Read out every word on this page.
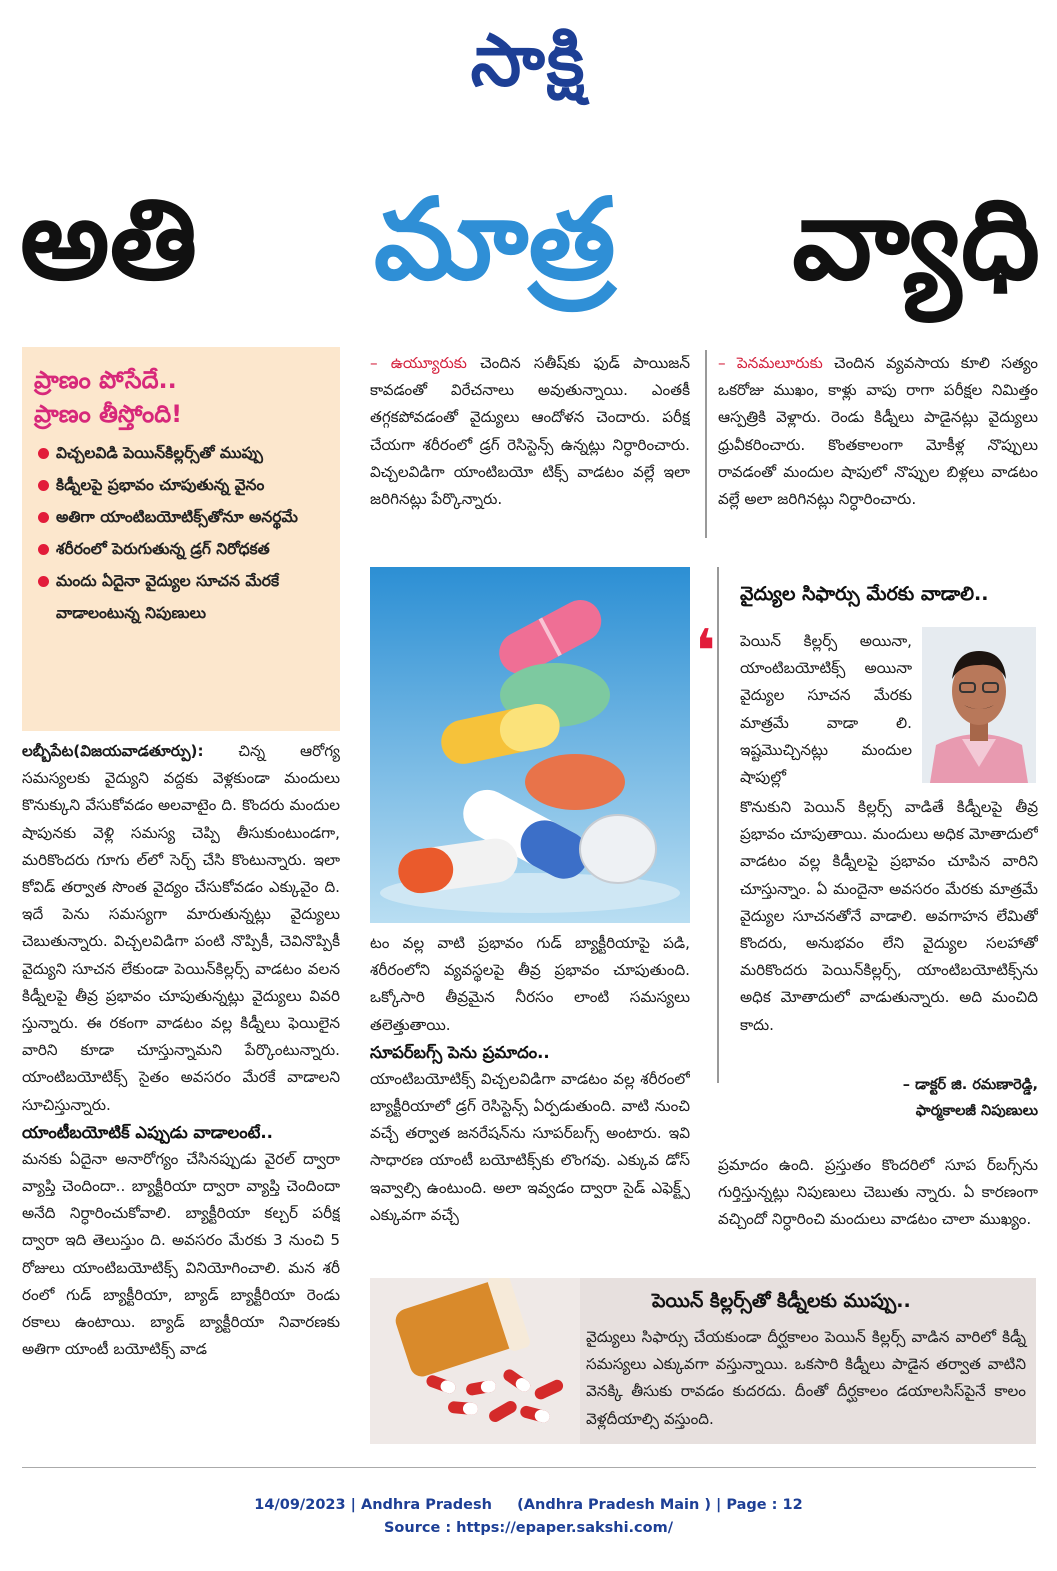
సాక్షి
అతి మాత్ర వ్యాధి
ప్రాణం పోసేదే..
ప్రాణం తీస్తోంది!
విచ్చలవిడి పెయిన్‌కిల్లర్స్‌తో ముప్పు
కిడ్నీలపై ప్రభావం చూపుతున్న వైనం
అతిగా యాంటిబయోటిక్స్‌తోనూ అనర్థమే
శరీరంలో పెరుగుతున్న డ్రగ్‌ నిరోధకత
మందు ఏదైనా వైద్యుల సూచన మేరకే వాడాలంటున్న నిపుణులు

లబ్బీపేట(విజయవాడతూర్పు): చిన్న ఆరోగ్య సమస్యలకు వైద్యుని వద్దకు వెళ్లకుండా మందులు కొనుక్కుని వేసుకోవడం అలవాటైం ది. కొందరు మందుల షాపునకు వెళ్లి సమస్య చెప్పి తీసుకుంటుండగా, మరికొందరు గూగు ల్‌లో సెర్చ్‌ చేసి కొంటున్నారు. ఇలా కోవిడ్‌ తర్వాత సొంత వైద్యం చేసుకోవడం ఎక్కువైం ది. ఇదే పెను సమస్యగా మారుతున్నట్లు వైద్యులు చెబుతున్నారు. విచ్చలవిడిగా పంటి నొప్పికీ, చెవినొప్పికీ వైద్యుని సూచన లేకుండా పెయిన్‌కిల్లర్స్‌ వాడటం వలన కిడ్నీలపై తీవ్ర ప్రభావం చూపుతున్నట్లు వైద్యులు వివరి స్తున్నారు. ఈ రకంగా వాడటం వల్ల కిడ్నీలు ఫెయిలైన వారిని కూడా చూస్తున్నామని పేర్కొంటున్నారు. యాంటిబయోటిక్స్‌ సైతం అవసరం మేరకే వాడాలని సూచిస్తున్నారు.

యాంటీబయోటిక్‌ ఎప్పుడు వాడాలంటే..

మనకు ఏదైనా అనారోగ్యం చేసినప్పుడు వైరల్‌ ద్వారా వ్యాప్తి చెందిందా.. బ్యాక్టీరియా ద్వారా వ్యాప్తి చెందిందా అనేది నిర్ధారించుకోవాలి. బ్యాక్టీరియా కల్చర్‌ పరీక్ష ద్వారా ఇది తెలుస్తుం ది. అవసరం మేరకు 3 నుంచి 5 రోజులు యాంటిబయోటిక్స్‌ వినియోగించాలి. మన శరీ రంలో గుడ్‌ బ్యాక్టీరియా, బ్యాడ్‌ బ్యాక్టీరియా రెండు రకాలు ఉంటాయి. బ్యాడ్‌ బ్యాక్టీరియా నివారణకు అతిగా యాంటీ బయోటిక్స్‌ వాడ

– ఉయ్యూరుకు చెందిన సతీష్‌కు ఫుడ్‌ పాయిజన్‌ కావడంతో విరేచనాలు అవుతున్నాయి. ఎంతకీ తగ్గకపోవడంతో వైద్యులు ఆందోళన చెందారు. పరీక్ష చేయగా శరీరంలో డ్రగ్‌ రెసిస్టెన్స్‌ ఉన్నట్లు నిర్ధారించారు. విచ్చలవిడిగా యాంటిబయో టిక్స్‌ వాడటం వల్లే ఇలా జరిగినట్లు పేర్కొన్నారు.

టం వల్ల వాటి ప్రభావం గుడ్‌ బ్యాక్టీరియాపై పడి, శరీరంలోని వ్యవస్థలపై తీవ్ర ప్రభావం చూపుతుంది. ఒక్కోసారి తీవ్రమైన నీరసం లాంటి సమస్యలు తలెత్తుతాయి.

సూపర్‌బగ్స్‌ పెను ప్రమాదం..

యాంటిబయోటిక్స్‌ విచ్చలవిడిగా వాడటం వల్ల శరీరంలో బ్యాక్టీరియాలో డ్రగ్‌ రెసిస్టెన్స్‌ ఏర్పడుతుంది. వాటి నుంచి వచ్చే తర్వాత జనరేషన్‌ను సూపర్‌బగ్స్‌ అంటారు. ఇవి సాధారణ యాంటీ బయోటిక్స్‌కు లొంగవు. ఎక్కువ డోస్‌ ఇవ్వాల్సి ఉంటుంది. అలా ఇవ్వడం ద్వారా సైడ్‌ ఎఫెక్ట్స్‌ ఎక్కువగా వచ్చే

– పెనమలూరుకు చెందిన వ్యవసాయ కూలి సత్యం ఒకరోజు ముఖం, కాళ్లు వాపు రాగా పరీక్షల నిమిత్తం ఆస్పత్రికి వెళ్లారు. రెండు కిడ్నీలు పాడైనట్లు వైద్యులు ధ్రువీకరించారు. కొంతకాలంగా మోకీళ్ల నొప్పులు రావడంతో మందుల షాపులో నొప్పుల బిళ్లలు వాడటం వల్లే అలా జరిగినట్లు నిర్ధారించారు.

వైద్యుల సిఫార్సు మేరకు వాడాలి..
❛ పెయిన్‌ కిల్లర్స్‌ అయినా, యాంటిబయోటిక్స్‌ అయినా వైద్యుల సూచన మేరకు మాత్రమే వాడా లి. ఇష్టమొచ్చినట్లు మందుల షాపుల్లో

కొనుకుని పెయిన్‌ కిల్లర్స్‌ వాడితే కిడ్నీలపై తీవ్ర ప్రభావం చూపుతాయి. మందులు అధిక మోతాదులో వాడటం వల్ల కిడ్నీలపై ప్రభావం చూపిన వారిని చూస్తున్నాం. ఏ మందైనా అవసరం మేరకు మాత్రమే వైద్యుల సూచనతోనే వాడాలి. అవగాహన లేమితో కొందరు, అనుభవం లేని వైద్యుల సలహాతో మరికొందరు పెయిన్‌కిల్లర్స్‌, యాంటిబయోటిక్స్‌ను అధిక మోతాదులో వాడుతున్నారు. అది మంచిది కాదు.

– డాక్టర్‌ జి. రమణారెడ్డి,
ఫార్మకాలజీ నిపుణులు

ప్రమాదం ఉంది. ప్రస్తుతం కొందరిలో సూప ర్‌బగ్స్‌ను గుర్తిస్తున్నట్లు నిపుణులు చెబుతు న్నారు. ఏ కారణంగా వచ్చిందో నిర్ధారించి మందులు వాడటం చాలా ముఖ్యం.

పెయిన్‌ కిల్లర్స్‌తో కిడ్నీలకు ముప్పు..
వైద్యులు సిఫార్సు చేయకుండా దీర్ఘకాలం పెయిన్‌ కిల్లర్స్‌ వాడిన వారిలో కిడ్నీ సమస్యలు ఎక్కువగా వస్తున్నాయి. ఒకసారి కిడ్నీలు పాడైన తర్వాత వాటిని వెనక్కి తీసుకు రావడం కుదరదు. దీంతో దీర్ఘకాలం డయాలసిస్‌పైనే కాలం వెళ్లదీయాల్సి వస్తుంది.
14/09/2023 | Andhra Pradesh     (Andhra Pradesh Main ) | Page : 12
Source : https://epaper.sakshi.com/
